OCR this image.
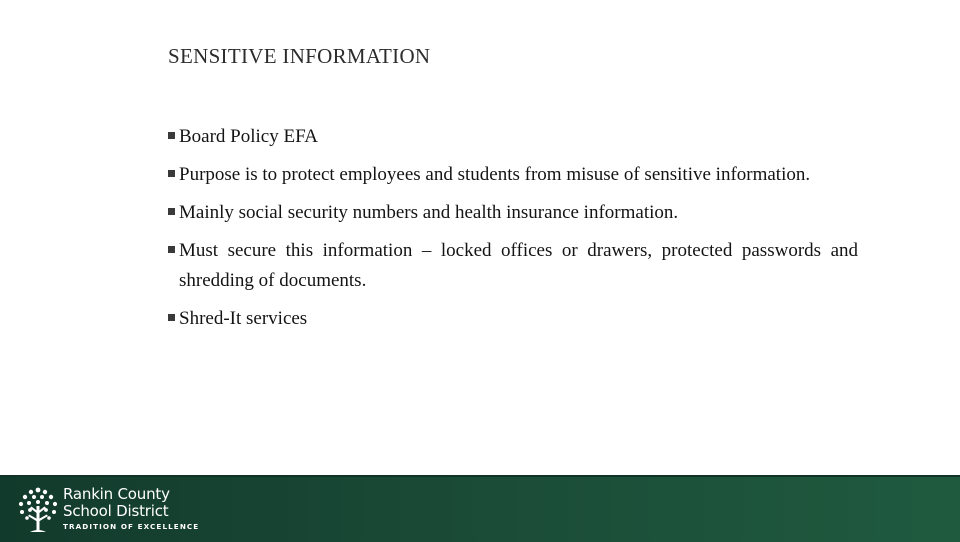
SENSITIVE INFORMATION
Board Policy EFA
Purpose is to protect employees and students from misuse of sensitive information.
Mainly social security numbers and health insurance information.
Must secure this information – locked offices or drawers, protected passwords and shredding of documents.
Shred-It services
Rankin County
School District
TRADITION OF EXCELLENCE
